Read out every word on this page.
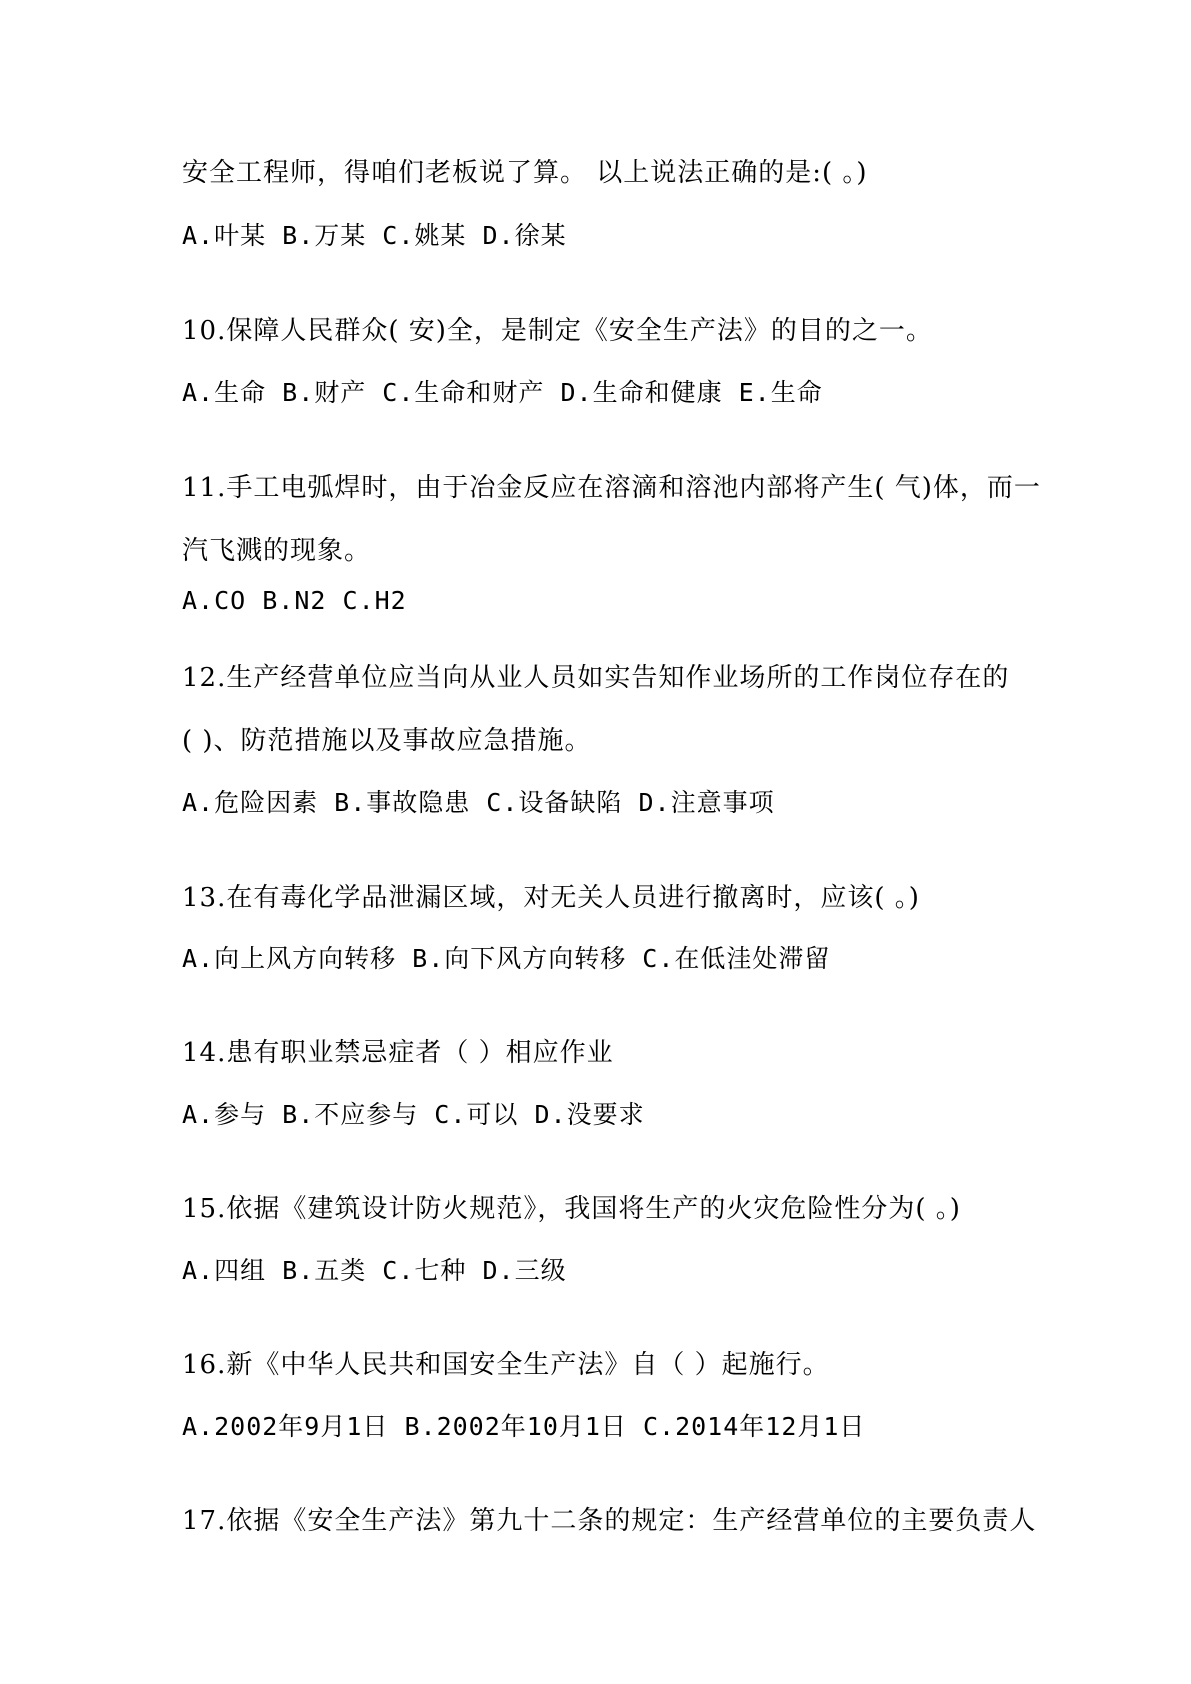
安全工程师，得咱们老板说了算。 以上说法正确的是:( 。)
A.叶某 B.万某 C.姚某 D.徐某
10.保障人民群众( 安)全，是制定《安全生产法》的目的之一。
A.生命 B.财产 C.生命和财产 D.生命和健康 E.生命
11.手工电弧焊时，由于冶金反应在溶滴和溶池内部将产生( 气)体，而一
汽飞溅的现象。
A.CO B.N2 C.H2
12.生产经营单位应当向从业人员如实告知作业场所的工作岗位存在的
( )、防范措施以及事故应急措施。
A.危险因素 B.事故隐患 C.设备缺陷 D.注意事项
13.在有毒化学品泄漏区域，对无关人员进行撤离时，应该( 。)
A.向上风方向转移 B.向下风方向转移 C.在低洼处滞留
14.患有职业禁忌症者（ ）相应作业
A.参与 B.不应参与 C.可以 D.没要求
15.依据《建筑设计防火规范》，我国将生产的火灾危险性分为( 。)
A.四组 B.五类 C.七种 D.三级
16.新《中华人民共和国安全生产法》自（ ）起施行。
A.2002年9月1日 B.2002年10月1日 C.2014年12月1日
17.依据《安全生产法》第九十二条的规定：生产经营单位的主要负责人
